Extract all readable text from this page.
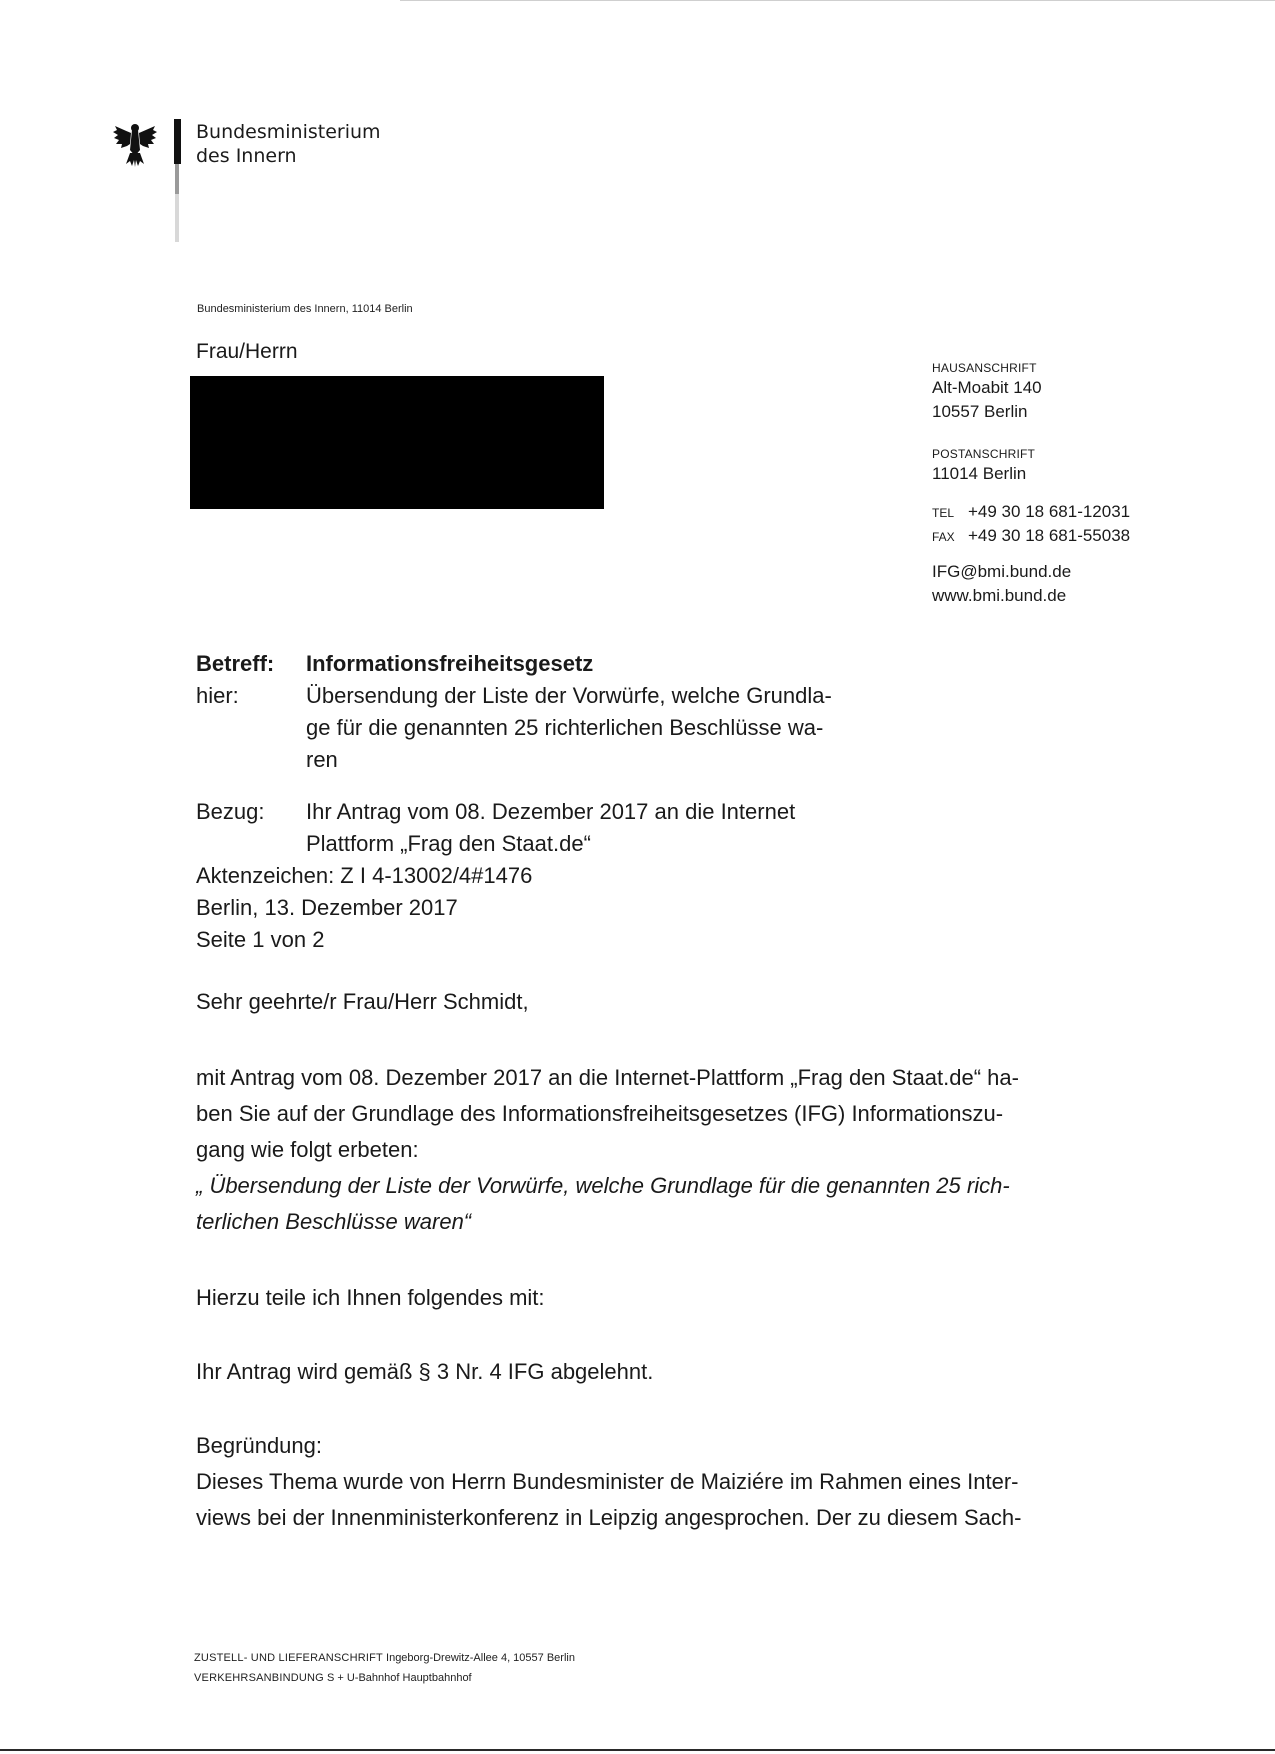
Bundesministerium
des Innern
Bundesministerium des Innern, 11014 Berlin
Frau/Herrn
HAUSANSCHRIFT
Alt-Moabit 140
10557 Berlin
POSTANSCHRIFT
11014 Berlin
TEL +49 30 18 681-12031
FAX +49 30 18 681-55038
IFG@bmi.bund.de
www.bmi.bund.de
Betreff: Informationsfreiheitsgesetz
hier:	Übersendung der Liste der Vorwürfe, welche Grundla-
ge für die genannten 25 richterlichen Beschlüsse wa-
ren
Bezug: Ihr Antrag vom 08. Dezember 2017 an die Internet
Plattform „Frag den Staat.de“
Aktenzeichen: Z I 4-13002/4#1476
Berlin, 13. Dezember 2017
Seite 1 von 2
Sehr geehrte/r Frau/Herr Schmidt,
mit Antrag vom 08. Dezember 2017 an die Internet-Plattform „Frag den Staat.de“ ha-
ben Sie auf der Grundlage des Informationsfreiheitsgesetzes (IFG) Informationszu-
gang wie folgt erbeten:
„ Übersendung der Liste der Vorwürfe, welche Grundlage für die genannten 25 rich-
terlichen Beschlüsse waren“
Hierzu teile ich Ihnen folgendes mit:
Ihr Antrag wird gemäß § 3 Nr. 4 IFG abgelehnt.
Begründung:
Dieses Thema wurde von Herrn Bundesminister de Maiziére im Rahmen eines Inter-
views bei der Innenministerkonferenz in Leipzig angesprochen. Der zu diesem Sach-
ZUSTELL- UND LIEFERANSCHRIFT Ingeborg-Drewitz-Allee 4, 10557 Berlin
VERKEHRSANBINDUNG S + U-Bahnhof Hauptbahnhof
